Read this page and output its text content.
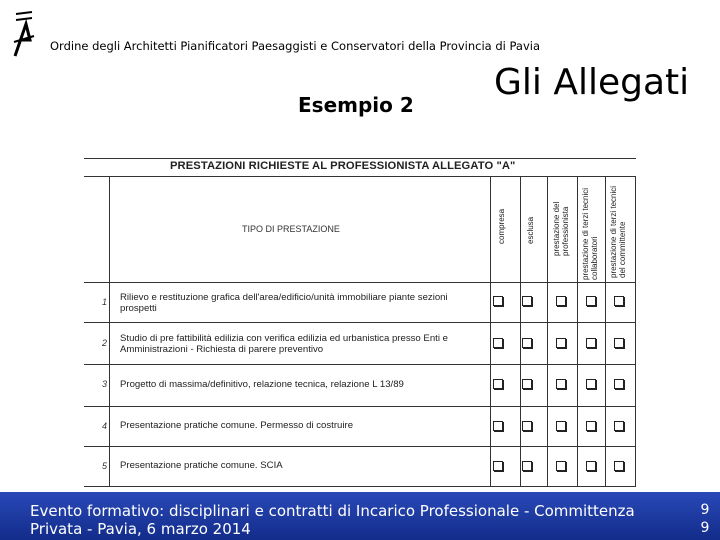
Ordine degli Architetti Pianificatori Paesaggisti e Conservatori della Provincia di Pavia
Esempio 2
Gli Allegati
PRESTAZIONI RICHIESTE AL PROFESSIONISTA ALLEGATO "A"
TIPO DI PRESTAZIONE	compresa	esclusa prestazione del professionista prestazione di terzi tecnici collaboratori prestazione di terzi tecnici del committente
1 Rilievo e restituzione grafica dell'area/edificio/unità immobiliare piante sezioni prospetti
2 Studio di pre fattibilità edilizia con verifica edilizia ed urbanistica presso Enti e Amministrazioni - Richiesta di parere preventivo
3 Progetto di massima/definitivo, relazione tecnica, relazione L 13/89
4 Presentazione pratiche comune. Permesso di costruire
5 Presentazione pratiche comune. SCIA
Evento formativo: disciplinari e contratti di Incarico Professionale - Committenza
Privata - Pavia, 6 marzo 2014
9
9
